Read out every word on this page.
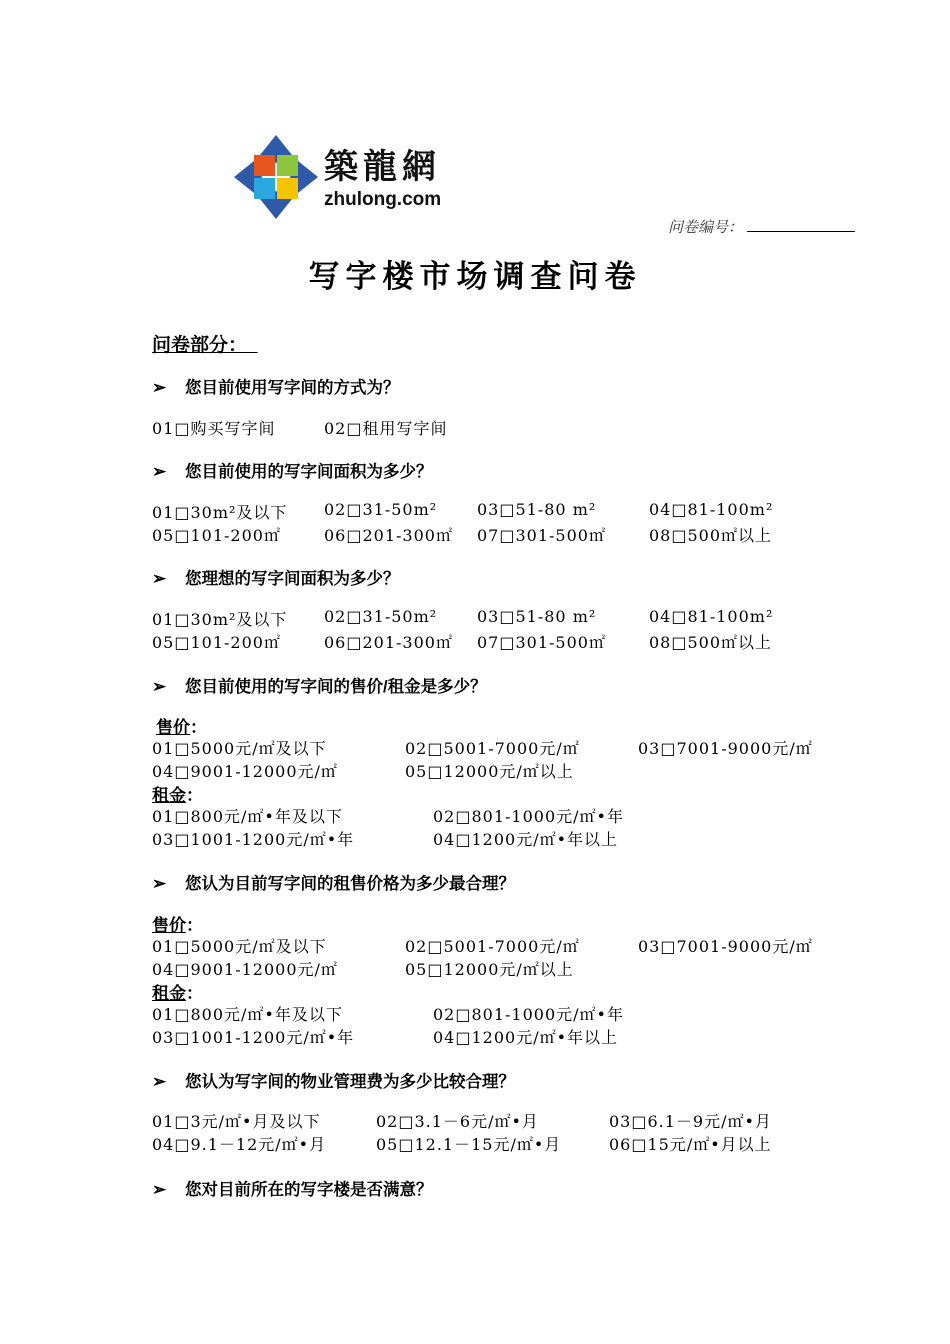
築龍網
zhulong.com
问卷编号：
写字楼市场调查问卷
问卷部分：
➢ 您目前使用写字间的方式为？
01□购买写字间	02□租用写字间
➢ 您目前使用的写字间面积为多少？
01□30m²及以下 02□31-50m² 03□51-80 m²	04□81-100m²
05□101-200㎡	06□201-300㎡ 07□301-500㎡	08□500㎡以上
➢ 您理想的写字间面积为多少？
01□30m²及以下 02□31-50m² 03□51-80 m²	04□81-100m²
05□101-200㎡	06□201-300㎡ 07□301-500㎡	08□500㎡以上
➢ 您目前使用的写字间的售价/租金是多少？
售价：
01□5000元/㎡及以下	02□5001-7000元/㎡	03□7001-9000元/㎡
04□9001-12000元/㎡	05□12000元/㎡以上
租金：
01□800元/㎡•年及以下	02□801-1000元/㎡•年
03□1001-1200元/㎡•年	04□1200元/㎡•年以上
➢ 您认为目前写字间的租售价格为多少最合理？
售价：
01□5000元/㎡及以下	02□5001-7000元/㎡	03□7001-9000元/㎡
04□9001-12000元/㎡	05□12000元/㎡以上
租金：
01□800元/㎡•年及以下	02□801-1000元/㎡•年
03□1001-1200元/㎡•年	04□1200元/㎡•年以上
➢ 您认为写字间的物业管理费为多少比较合理？
01□3元/㎡•月及以下	02□3.1－6元/㎡•月	03□6.1－9元/㎡•月
04□9.1－12元/㎡•月	05□12.1－15元/㎡•月	06□15元/㎡•月以上
➢ 您对目前所在的写字楼是否满意？
